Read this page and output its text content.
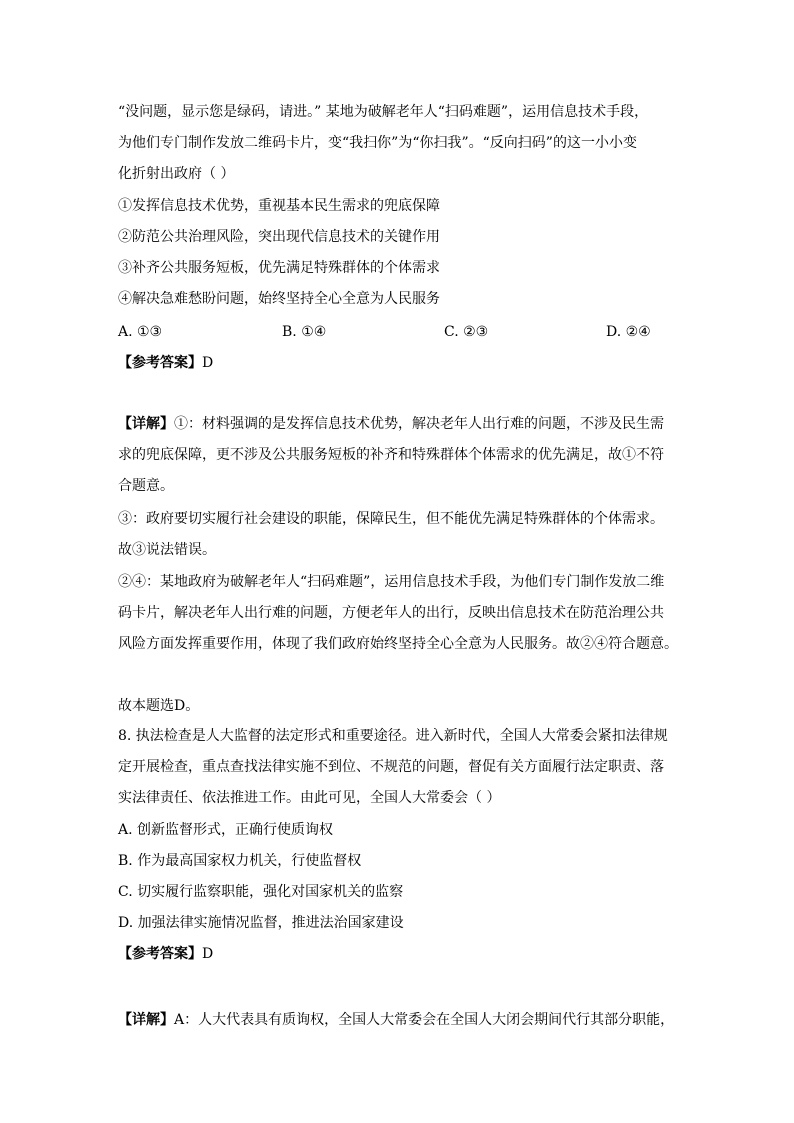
“没问题，显示您是绿码，请进。” 某地为破解老年人“扫码难题”，运用信息技术手段，
为他们专门制作发放二维码卡片，变“我扫你”为“你扫我”。“反向扫码”的这一小小变
化折射出政府（ ）
①发挥信息技术优势，重视基本民生需求的兜底保障
②防范公共治理风险，突出现代信息技术的关键作用
③补齐公共服务短板，优先满足特殊群体的个体需求
④解决急难愁盼问题，始终坚持全心全意为人民服务
A. ①③	B. ①④	C. ②③	D. ②④
【参考答案】D
【详解】①：材料强调的是发挥信息技术优势，解决老年人出行难的问题，不涉及民生需
求的兜底保障，更不涉及公共服务短板的补齐和特殊群体个体需求的优先满足，故①不符
合题意。
③：政府要切实履行社会建设的职能，保障民生，但不能优先满足特殊群体的个体需求。
故③说法错误。
②④：某地政府为破解老年人“扫码难题”，运用信息技术手段，为他们专门制作发放二维
码卡片，解决老年人出行难的问题，方便老年人的出行，反映出信息技术在防范治理公共
风险方面发挥重要作用，体现了我们政府始终坚持全心全意为人民服务。故②④符合题意。
故本题选D。
8. 执法检查是人大监督的法定形式和重要途径。进入新时代，全国人大常委会紧扣法律规
定开展检查，重点查找法律实施不到位、不规范的问题，督促有关方面履行法定职责、落
实法律责任、依法推进工作。由此可见，全国人大常委会（ ）
A. 创新监督形式，正确行使质询权
B. 作为最高国家权力机关，行使监督权
C. 切实履行监察职能，强化对国家机关的监察
D. 加强法律实施情况监督，推进法治国家建设
【参考答案】D
【详解】A：人大代表具有质询权，全国人大常委会在全国人大闭会期间代行其部分职能，
